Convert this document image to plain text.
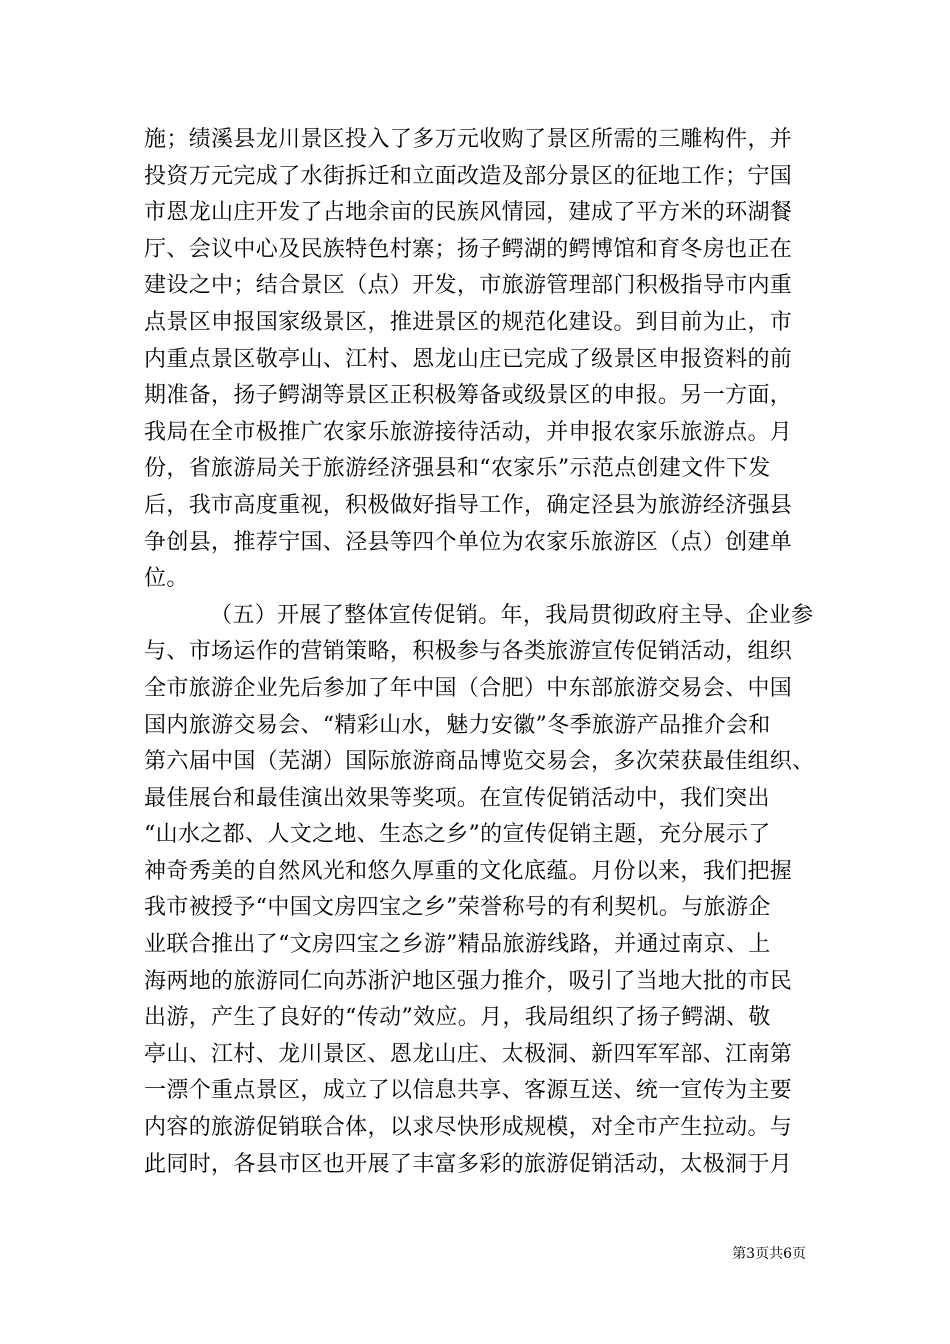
施；绩溪县龙川景区投入了多万元收购了景区所需的三雕构件，并
投资万元完成了水街拆迁和立面改造及部分景区的征地工作；宁国
市恩龙山庄开发了占地余亩的民族风情园，建成了平方米的环湖餐
厅、会议中心及民族特色村寨；扬子鳄湖的鳄博馆和育冬房也正在
建设之中；结合景区（点）开发，市旅游管理部门积极指导市内重
点景区申报国家级景区，推进景区的规范化建设。到目前为止，市
内重点景区敬亭山、江村、恩龙山庄已完成了级景区申报资料的前
期准备，扬子鳄湖等景区正积极筹备或级景区的申报。另一方面，
我局在全市极推广农家乐旅游接待活动，并申报农家乐旅游点。月
份，省旅游局关于旅游经济强县和“农家乐”示范点创建文件下发
后，我市高度重视，积极做好指导工作，确定泾县为旅游经济强县
争创县，推荐宁国、泾县等四个单位为农家乐旅游区（点）创建单
位。
（五）开展了整体宣传促销。年，我局贯彻政府主导、企业参
与、市场运作的营销策略，积极参与各类旅游宣传促销活动，组织
全市旅游企业先后参加了年中国（合肥）中东部旅游交易会、中国
国内旅游交易会、“精彩山水，魅力安徽”冬季旅游产品推介会和
第六届中国（芜湖）国际旅游商品博览交易会，多次荣获最佳组织、
最佳展台和最佳演出效果等奖项。在宣传促销活动中，我们突出
“山水之都、人文之地、生态之乡”的宣传促销主题，充分展示了
神奇秀美的自然风光和悠久厚重的文化底蕴。月份以来，我们把握
我市被授予“中国文房四宝之乡”荣誉称号的有利契机。与旅游企
业联合推出了“文房四宝之乡游”精品旅游线路，并通过南京、上
海两地的旅游同仁向苏浙沪地区强力推介，吸引了当地大批的市民
出游，产生了良好的“传动”效应。月，我局组织了扬子鳄湖、敬
亭山、江村、龙川景区、恩龙山庄、太极洞、新四军军部、江南第
一漂个重点景区，成立了以信息共享、客源互送、统一宣传为主要
内容的旅游促销联合体，以求尽快形成规模，对全市产生拉动。与
此同时，各县市区也开展了丰富多彩的旅游促销活动，太极洞于月
第3页共6页
